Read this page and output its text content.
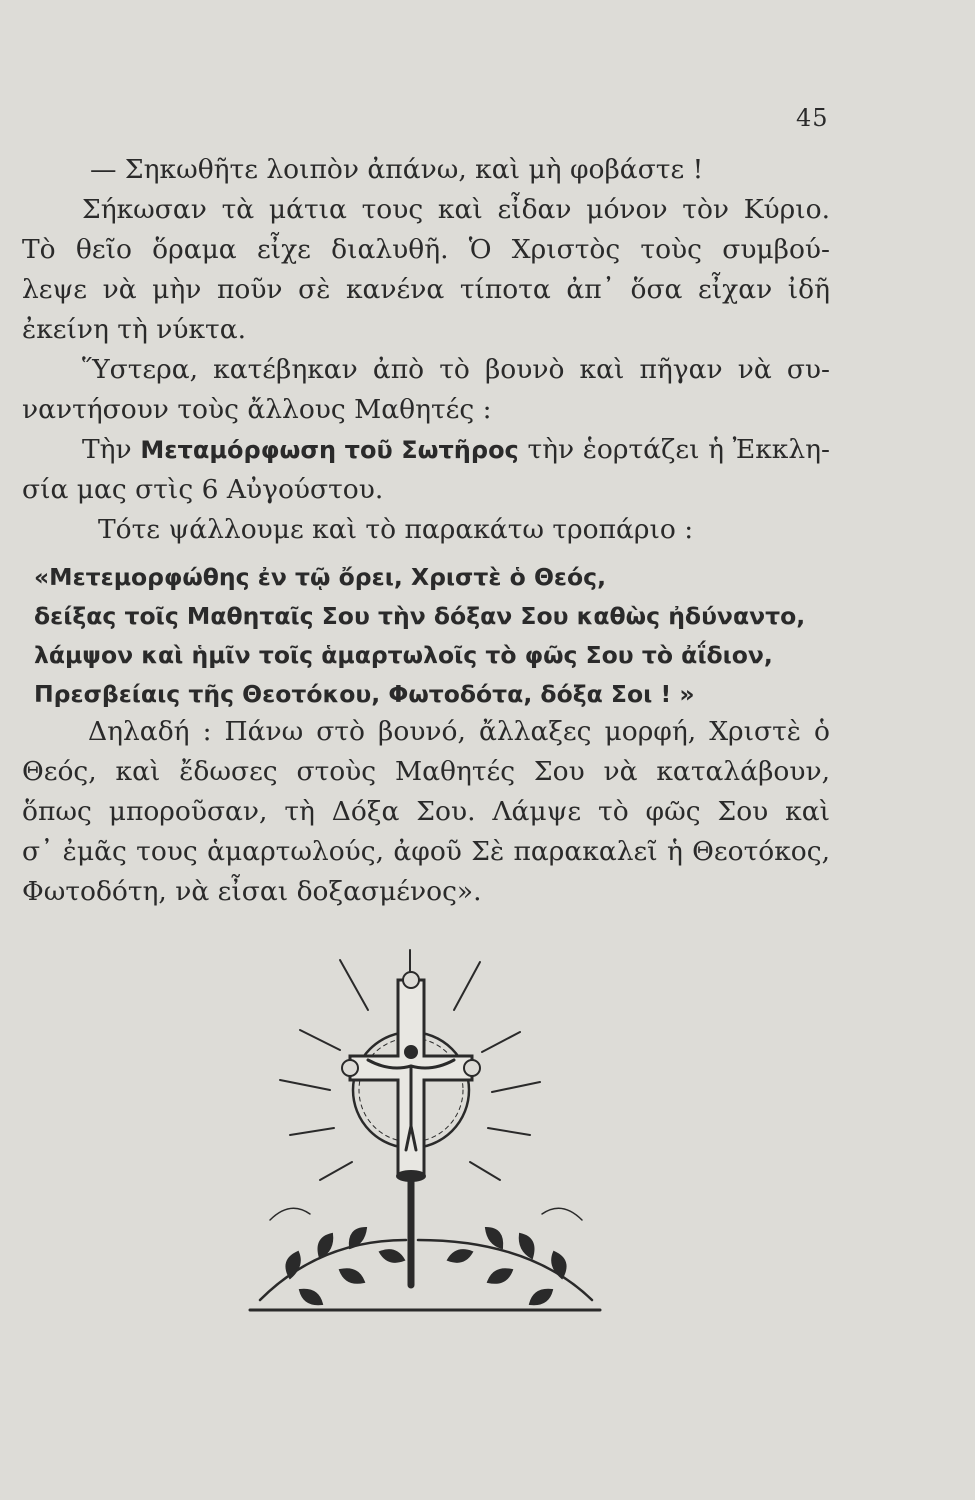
45
— Σηκωθῆτε λοιπὸν ἀπάνω, καὶ μὴ φοβάστε !
Σήκωσαν τὰ μάτια τους καὶ εἶδαν μόνον τὸν Κύριο.
Τὸ θεῖο ὅραμα εἶχε διαλυθῆ. Ὁ Χριστὸς τοὺς συμβού-
λεψε νὰ μὴν ποῦν σὲ κανένα τίποτα ἀπ᾿ ὅσα εἶχαν ἰδῆ
ἐκείνη τὴ νύκτα.
Ὕστερα, κατέβηκαν ἀπὸ τὸ βουνὸ καὶ πῆγαν νὰ συ-
ναντήσουν τοὺς ἄλλους Μαθητές :
Τὴν Μεταμόρφωση τοῦ Σωτῆρος τὴν ἑορτάζει ἡ Ἐκκλη-
σία μας στὶς 6 Αὐγούστου.
Τότε ψάλλουμε καὶ τὸ παρακάτω τροπάριο :
«Μετεμορφώθης ἐν τῷ ὄρει, Χριστὲ ὁ Θεός,
δείξας τοῖς Μαθηταῖς Σου τὴν δόξαν Σου καθὼς ἠδύναντο,
λάμψον καὶ ἡμῖν τοῖς ἁμαρτωλοῖς τὸ φῶς Σου τὸ ἀΐδιον,
Πρεσβείαις τῆς Θεοτόκου, Φωτοδότα, δόξα Σοι ! »
Δηλαδή : Πάνω στὸ βουνό, ἄλλαξες μορφή, Χριστὲ ὁ
Θεός, καὶ ἔδωσες στοὺς Μαθητές Σου νὰ καταλάβουν,
ὅπως μποροῦσαν, τὴ Δόξα Σου. Λάμψε τὸ φῶς Σου καὶ
σ᾿ ἐμᾶς τους ἁμαρτωλούς, ἀφοῦ Σὲ παρακαλεῖ ἡ Θεοτόκος,
Φωτοδότη, νὰ εἶσαι δοξασμένος».
